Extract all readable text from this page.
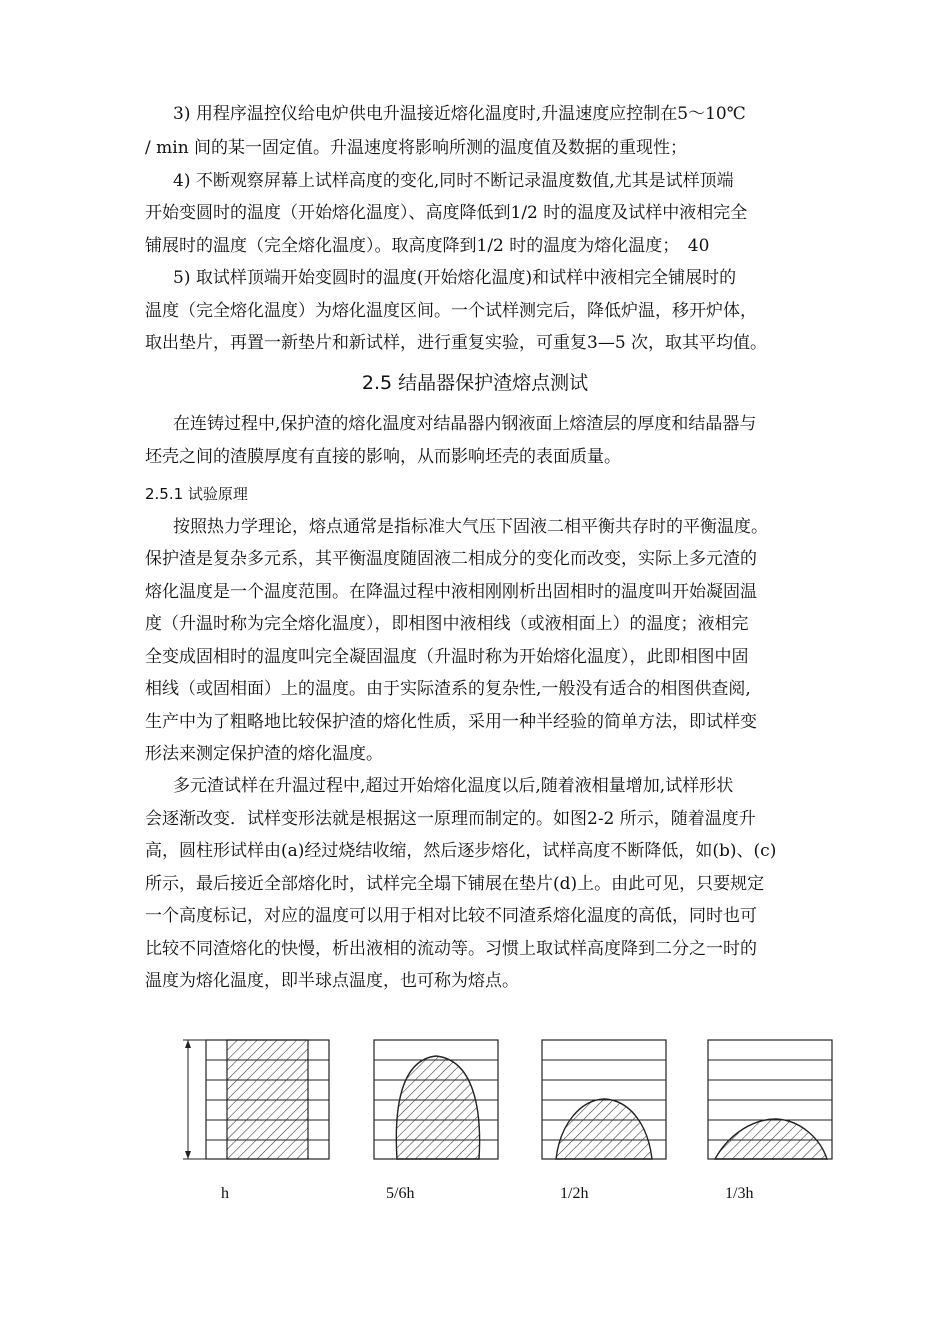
3) 用程序温控仪给电炉供电升温接近熔化温度时,升温速度应控制在5～10℃
/ min 间的某一固定值。升温速度将影响所测的温度值及数据的重现性；
4) 不断观察屏幕上试样高度的变化,同时不断记录温度数值,尤其是试样顶端
开始变圆时的温度（开始熔化温度）、高度降低到1/2 时的温度及试样中液相完全
铺展时的温度（完全熔化温度）。取高度降到1/2 时的温度为熔化温度；　40
5) 取试样顶端开始变圆时的温度(开始熔化温度)和试样中液相完全铺展时的
温度（完全熔化温度）为熔化温度区间。一个试样测完后，降低炉温，移开炉体，
取出垫片，再置一新垫片和新试样，进行重复实验，可重复3—5 次，取其平均值。
2.5 结晶器保护渣熔点测试
在连铸过程中,保护渣的熔化温度对结晶器内钢液面上熔渣层的厚度和结晶器与
坯壳之间的渣膜厚度有直接的影响，从而影响坯壳的表面质量。
2.5.1 试验原理
按照热力学理论，熔点通常是指标准大气压下固液二相平衡共存时的平衡温度。
保护渣是复杂多元系，其平衡温度随固液二相成分的变化而改变，实际上多元渣的
熔化温度是一个温度范围。在降温过程中液相刚刚析出固相时的温度叫开始凝固温
度（升温时称为完全熔化温度），即相图中液相线（或液相面上）的温度；液相完
全变成固相时的温度叫完全凝固温度（升温时称为开始熔化温度），此即相图中固
相线（或固相面）上的温度。由于实际渣系的复杂性,一般没有适合的相图供查阅,
生产中为了粗略地比较保护渣的熔化性质，采用一种半经验的简单方法，即试样变
形法来测定保护渣的熔化温度。
多元渣试样在升温过程中,超过开始熔化温度以后,随着液相量增加,试样形状
会逐渐改变．试样变形法就是根据这一原理而制定的。如图2-2 所示，随着温度升
高，圆柱形试样由(a)经过烧结收缩，然后逐步熔化，试样高度不断降低，如(b)、(c)
所示，最后接近全部熔化时，试样完全塌下铺展在垫片(d)上。由此可见，只要规定
一个高度标记，对应的温度可以用于相对比较不同渣系熔化温度的高低，同时也可
比较不同渣熔化的快慢，析出液相的流动等。习惯上取试样高度降到二分之一时的
温度为熔化温度，即半球点温度，也可称为熔点。
h	5/6h	1/2h	1/3h
